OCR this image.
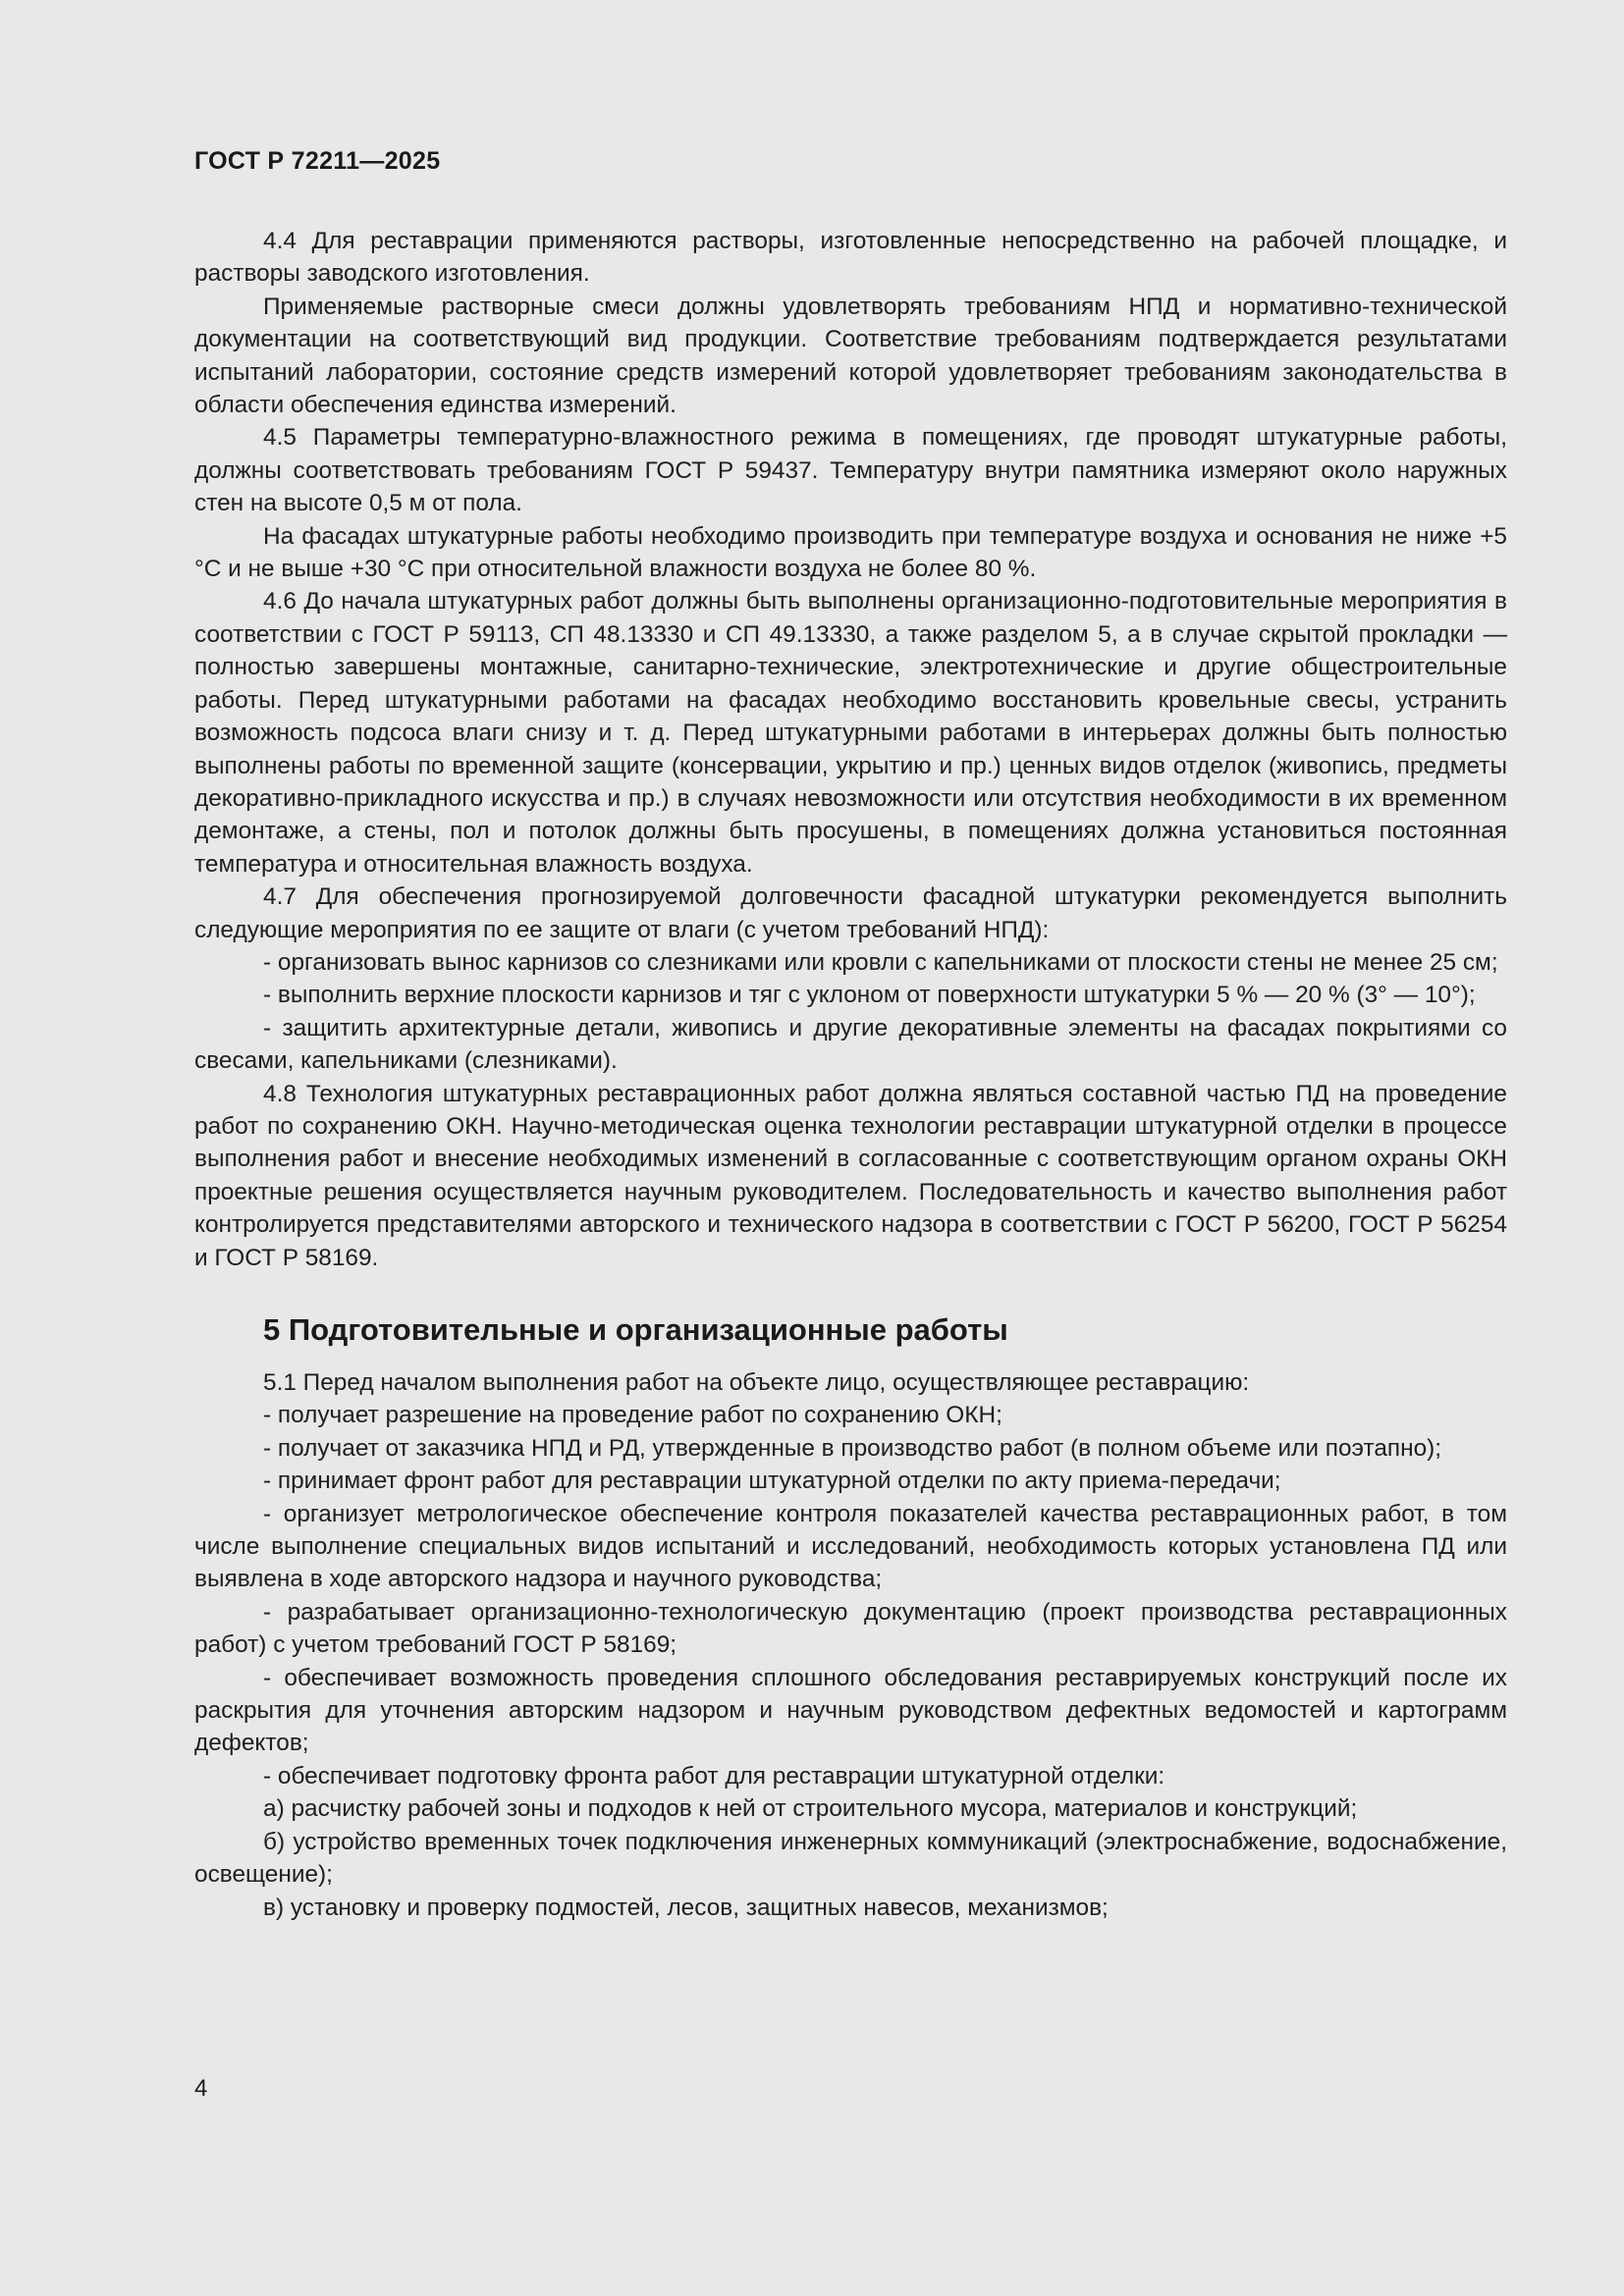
ГОСТ Р 72211—2025

4.4 Для реставрации применяются растворы, изготовленные непосредственно на рабочей площадке, и растворы заводского изготовления.

Применяемые растворные смеси должны удовлетворять требованиям НПД и нормативно-технической документации на соответствующий вид продукции. Соответствие требованиям подтверждается результатами испытаний лаборатории, состояние средств измерений которой удовлетворяет требованиям законодательства в области обеспечения единства измерений.

4.5 Параметры температурно-влажностного режима в помещениях, где проводят штукатурные работы, должны соответствовать требованиям ГОСТ Р 59437. Температуру внутри памятника измеряют около наружных стен на высоте 0,5 м от пола.

На фасадах штукатурные работы необходимо производить при температуре воздуха и основания не ниже +5 °С и не выше +30 °С при относительной влажности воздуха не более 80 %.

4.6 До начала штукатурных работ должны быть выполнены организационно-подготовительные мероприятия в соответствии с ГОСТ Р 59113, СП 48.13330 и СП 49.13330, а также разделом 5, а в случае скрытой прокладки — полностью завершены монтажные, санитарно-технические, электротехнические и другие общестроительные работы. Перед штукатурными работами на фасадах необходимо восстановить кровельные свесы, устранить возможность подсоса влаги снизу и т. д. Перед штукатурными работами в интерьерах должны быть полностью выполнены работы по временной защите (консервации, укрытию и пр.) ценных видов отделок (живопись, предметы декоративно-прикладного искусства и пр.) в случаях невозможности или отсутствия необходимости в их временном демонтаже, а стены, пол и потолок должны быть просушены, в помещениях должна установиться постоянная температура и относительная влажность воздуха.

4.7 Для обеспечения прогнозируемой долговечности фасадной штукатурки рекомендуется выполнить следующие мероприятия по ее защите от влаги (с учетом требований НПД):

- организовать вынос карнизов со слезниками или кровли с капельниками от плоскости стены не менее 25 см;

- выполнить верхние плоскости карнизов и тяг с уклоном от поверхности штукатурки 5 % — 20 % (3° — 10°);

- защитить архитектурные детали, живопись и другие декоративные элементы на фасадах покрытиями со свесами, капельниками (слезниками).

4.8 Технология штукатурных реставрационных работ должна являться составной частью ПД на проведение работ по сохранению ОКН. Научно-методическая оценка технологии реставрации штукатурной отделки в процессе выполнения работ и внесение необходимых изменений в согласованные с соответствующим органом охраны ОКН проектные решения осуществляется научным руководителем. Последовательность и качество выполнения работ контролируется представителями авторского и технического надзора в соответствии с ГОСТ Р 56200, ГОСТ Р 56254 и ГОСТ Р 58169.

5 Подготовительные и организационные работы

5.1 Перед началом выполнения работ на объекте лицо, осуществляющее реставрацию:

- получает разрешение на проведение работ по сохранению ОКН;

- получает от заказчика НПД и РД, утвержденные в производство работ (в полном объеме или поэтапно);

- принимает фронт работ для реставрации штукатурной отделки по акту приема-передачи;

- организует метрологическое обеспечение контроля показателей качества реставрационных работ, в том числе выполнение специальных видов испытаний и исследований, необходимость которых установлена ПД или выявлена в ходе авторского надзора и научного руководства;

- разрабатывает организационно-технологическую документацию (проект производства реставрационных работ) с учетом требований ГОСТ Р 58169;

- обеспечивает возможность проведения сплошного обследования реставрируемых конструкций после их раскрытия для уточнения авторским надзором и научным руководством дефектных ведомостей и картограмм дефектов;

- обеспечивает подготовку фронта работ для реставрации штукатурной отделки:

а) расчистку рабочей зоны и подходов к ней от строительного мусора, материалов и конструкций;

б) устройство временных точек подключения инженерных коммуникаций (электроснабжение, водоснабжение, освещение);

в) установку и проверку подмостей, лесов, защитных навесов, механизмов;

4
